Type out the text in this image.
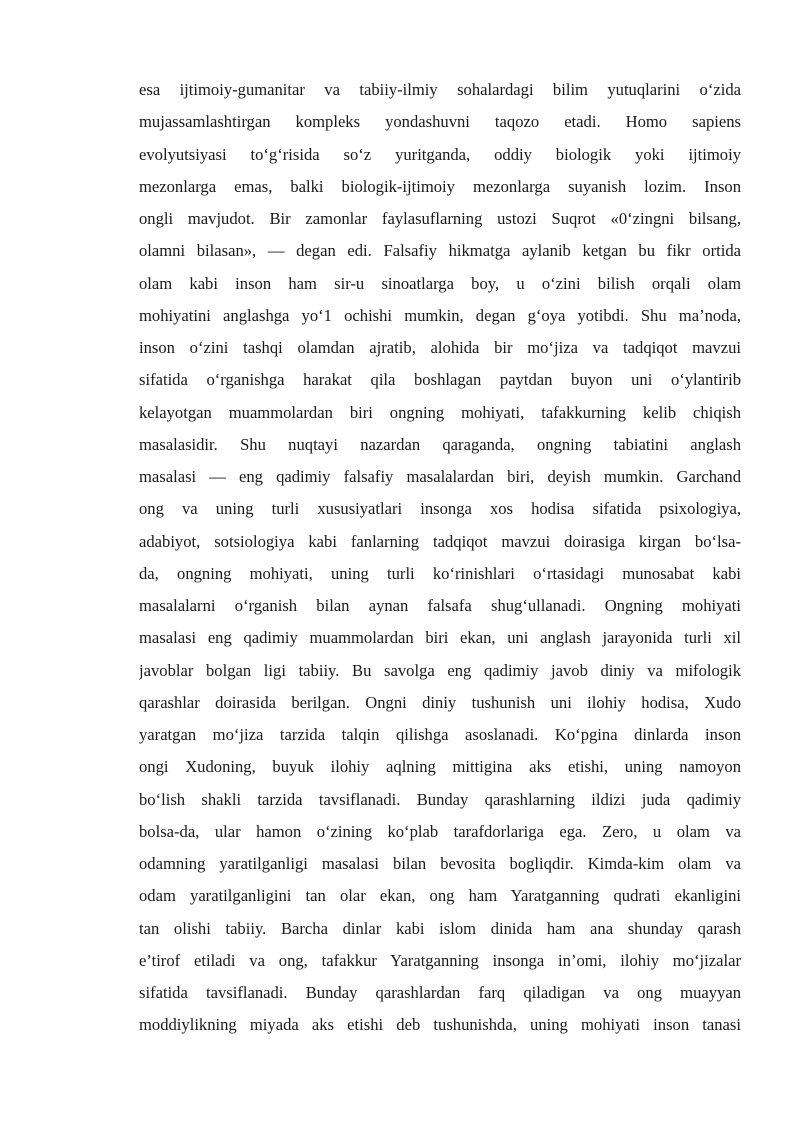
esa ijtimoiy-gumanitar va tabiiy-ilmiy sohalardagi bilim yutuqlarini o‘zida
mujassamlashtirgan kompleks yondashuvni taqozo etadi. Homo sapiens
evolyutsiyasi to‘g‘risida so‘z yuritganda, oddiy biologik yoki ijtimoiy
mezonlarga emas, balki biologik-ijtimoiy mezonlarga suyanish lozim. Inson
ongli mavjudot. Bir zamonlar faylasuflarning ustozi Suqrot «0‘zingni bilsang,
olamni bilasan», — degan edi. Falsafiy hikmatga aylanib ketgan bu fikr ortida
olam kabi inson ham sir-u sinoatlarga boy, u o‘zini bilish orqali olam
mohiyatini anglashga yo‘1 ochishi mumkin, degan g‘oya yotibdi. Shu ma’noda,
inson o‘zini tashqi olamdan ajratib, alohida bir mo‘jiza va tadqiqot mavzui
sifatida o‘rganishga harakat qila boshlagan paytdan buyon uni o‘ylantirib
kelayotgan muammolardan biri ongning mohiyati, tafakkurning kelib chiqish
masalasidir. Shu nuqtayi nazardan qaraganda, ongning tabiatini anglash
masalasi — eng qadimiy falsafiy masalalardan biri, deyish mumkin. Garchand
ong va uning turli xususiyatlari insonga xos hodisa sifatida psixologiya,
adabiyot, sotsiologiya kabi fanlarning tadqiqot mavzui doirasiga kirgan bo‘lsa-
da, ongning mohiyati, uning turli ko‘rinishlari o‘rtasidagi munosabat kabi
masalalarni o‘rganish bilan aynan falsafa shug‘ullanadi. Ongning mohiyati
masalasi eng qadimiy muammolardan biri ekan, uni anglash jarayonida turli xil
javoblar bolgan ligi tabiiy. Bu savolga eng qadimiy javob diniy va mifologik
qarashlar doirasida berilgan. Ongni diniy tushunish uni ilohiy hodisa, Xudo
yaratgan mo‘jiza tarzida talqin qilishga asoslanadi. Ko‘pgina dinlarda inson
ongi Xudoning, buyuk ilohiy aqlning mittigina aks etishi, uning namoyon
bo‘lish shakli tarzida tavsiflanadi. Bunday qarashlarning ildizi juda qadimiy
bolsa-da, ular hamon o‘zining ko‘plab tarafdorlariga ega. Zero, u olam va
odamning yaratilganligi masalasi bilan bevosita bogliqdir. Kimda-kim olam va
odam yaratilganligini tan olar ekan, ong ham Yaratganning qudrati ekanligini
tan olishi tabiiy. Barcha dinlar kabi islom dinida ham ana shunday qarash
e’tirof etiladi va ong, tafakkur Yaratganning insonga in’omi, ilohiy mo‘jizalar
sifatida tavsiflanadi. Bunday qarashlardan farq qiladigan va ong muayyan
moddiylikning miyada aks etishi deb tushunishda, uning mohiyati inson tanasi
